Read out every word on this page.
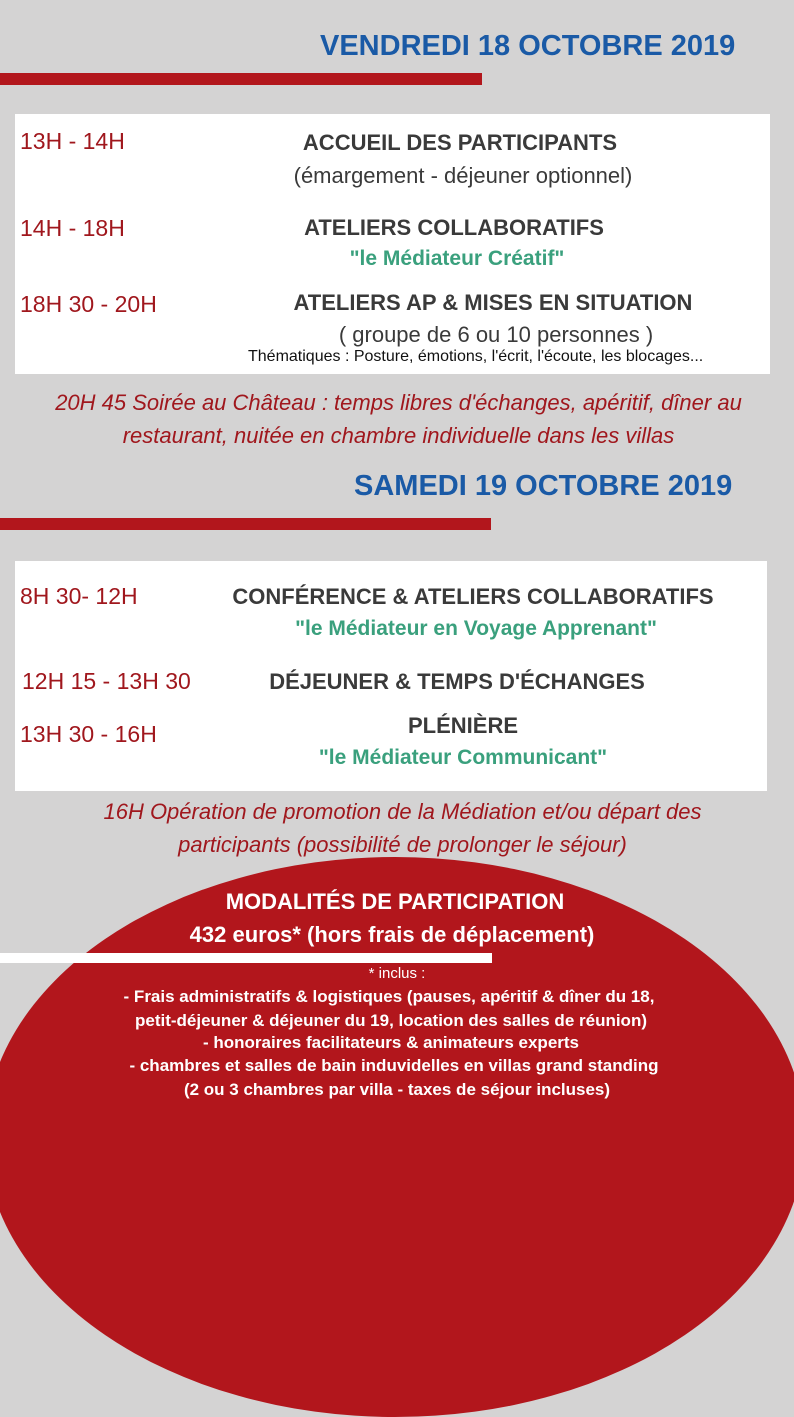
VENDREDI 18 OCTOBRE 2019
13H - 14H	ACCUEIL DES PARTICIPANTS
(émargement - déjeuner optionnel)
14H - 18H	ATELIERS COLLABORATIFS
"le Médiateur Créatif"
18H 30 - 20H	ATELIERS AP & MISES EN SITUATION
( groupe de 6 ou 10 personnes )
Thématiques : Posture, émotions, l'écrit, l'écoute, les blocages...
20H 45 Soirée au Château : temps libres d'échanges, apéritif, dîner au
restaurant, nuitée en chambre individuelle dans les villas
SAMEDI 19 OCTOBRE 2019
8H 30- 12H	CONFÉRENCE & ATELIERS COLLABORATIFS
"le Médiateur en Voyage Apprenant"
12H 15 - 13H 30	DÉJEUNER & TEMPS D'ÉCHANGES
13H 30 - 16H	PLÉNIÈRE
"le Médiateur Communicant"
16H Opération de promotion de la Médiation et/ou départ des
participants (possibilité de prolonger le séjour)
MODALITÉS DE PARTICIPATION
432 euros* (hors frais de déplacement)
* inclus :
- Frais administratifs & logistiques (pauses, apéritif & dîner du 18,
petit-déjeuner & déjeuner du 19, location des salles de réunion)
- honoraires facilitateurs & animateurs experts
- chambres et salles de bain induvidelles en villas grand standing
(2 ou 3 chambres par villa - taxes de séjour incluses)
